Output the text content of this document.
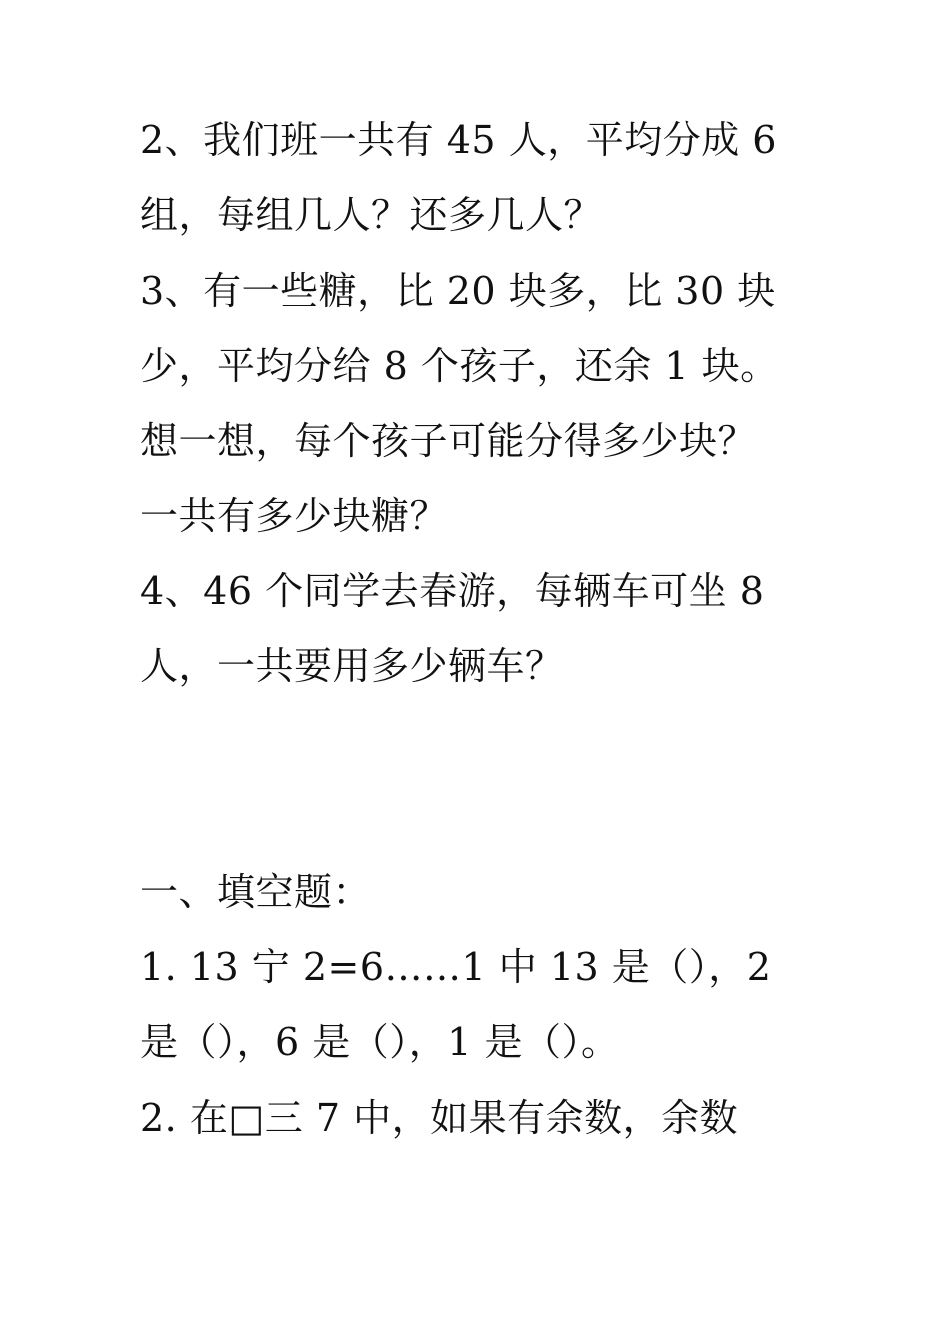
2、我们班一共有 45 人，平均分成 6
组，每组几人？还多几人？
3、有一些糖，比 20 块多，比 30 块
少，平均分给 8 个孩子，还余 1 块。
想一想，每个孩子可能分得多少块？
一共有多少块糖？
4、46 个同学去春游，每辆车可坐 8
人，一共要用多少辆车？
一、填空题：
1. 13 宁 2=6……1 中 13 是（），2
是（），6 是（），1 是（）。
2. 在□三 7 中，如果有余数，余数
